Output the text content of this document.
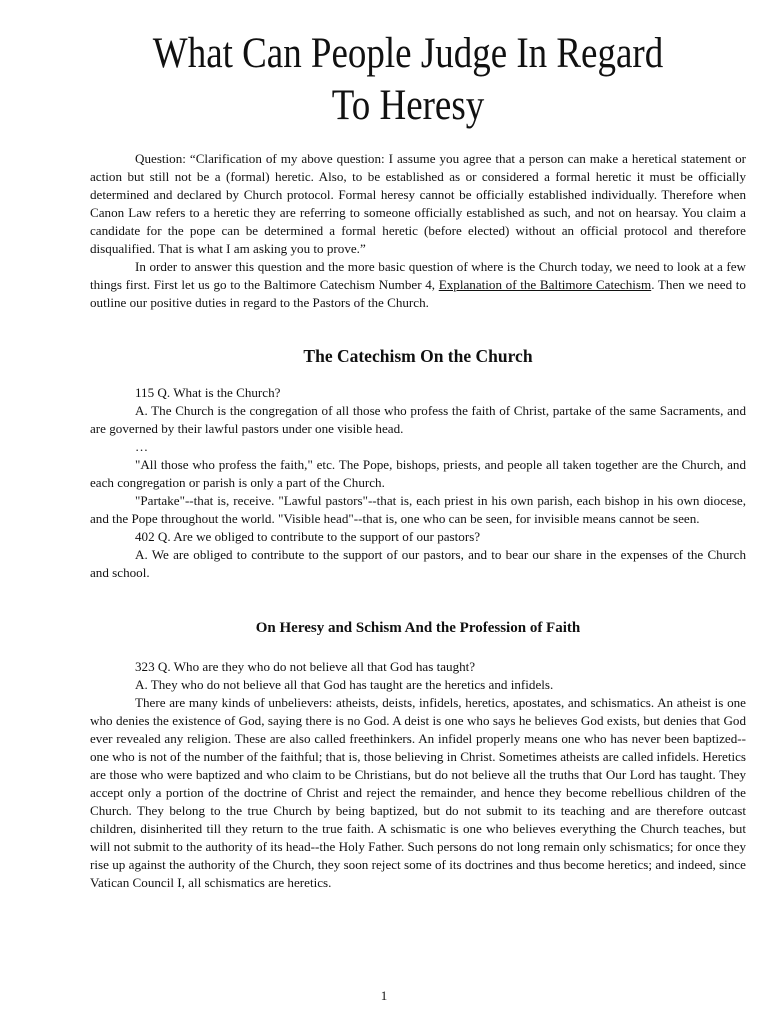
What Can People Judge In Regard
To Heresy

Question: “Clarification of my above question: I assume you agree that a person can make a heretical statement or action but still not be a (formal) heretic. Also, to be established as or considered a formal heretic it must be officially determined and declared by Church protocol. Formal heresy cannot be officially established individually. Therefore when Canon Law refers to a heretic they are referring to someone officially established as such, and not on hearsay. You claim a candidate for the pope can be determined a formal heretic (before elected) without an official protocol and therefore disqualified. That is what I am asking you to prove.”

In order to answer this question and the more basic question of where is the Church today, we need to look at a few things first. First let us go to the Baltimore Catechism Number 4, Explanation of the Baltimore Catechism. Then we need to outline our positive duties in regard to the Pastors of the Church.

The Catechism On the Church

115 Q. What is the Church?

A. The Church is the congregation of all those who profess the faith of Christ, partake of the same Sacraments, and are governed by their lawful pastors under one visible head.

…

"All those who profess the faith," etc. The Pope, bishops, priests, and people all taken together are the Church, and each congregation or parish is only a part of the Church.

"Partake"--that is, receive. "Lawful pastors"--that is, each priest in his own parish, each bishop in his own diocese, and the Pope throughout the world. "Visible head"--that is, one who can be seen, for invisible means cannot be seen.

402 Q. Are we obliged to contribute to the support of our pastors?

A. We are obliged to contribute to the support of our pastors, and to bear our share in the expenses of the Church and school.

On Heresy and Schism And the Profession of Faith

323 Q. Who are they who do not believe all that God has taught?

A. They who do not believe all that God has taught are the heretics and infidels.

There are many kinds of unbelievers: atheists, deists, infidels, heretics, apostates, and schismatics. An atheist is one who denies the existence of God, saying there is no God. A deist is one who says he believes God exists, but denies that God ever revealed any religion. These are also called freethinkers. An infidel properly means one who has never been baptized--one who is not of the number of the faithful; that is, those believing in Christ. Sometimes atheists are called infidels. Heretics are those who were baptized and who claim to be Christians, but do not believe all the truths that Our Lord has taught. They accept only a portion of the doctrine of Christ and reject the remainder, and hence they become rebellious children of the Church. They belong to the true Church by being baptized, but do not submit to its teaching and are therefore outcast children, disinherited till they return to the true faith. A schismatic is one who believes everything the Church teaches, but will not submit to the authority of its head--the Holy Father. Such persons do not long remain only schismatics; for once they rise up against the authority of the Church, they soon reject some of its doctrines and thus become heretics; and indeed, since Vatican Council I, all schismatics are heretics.

1
